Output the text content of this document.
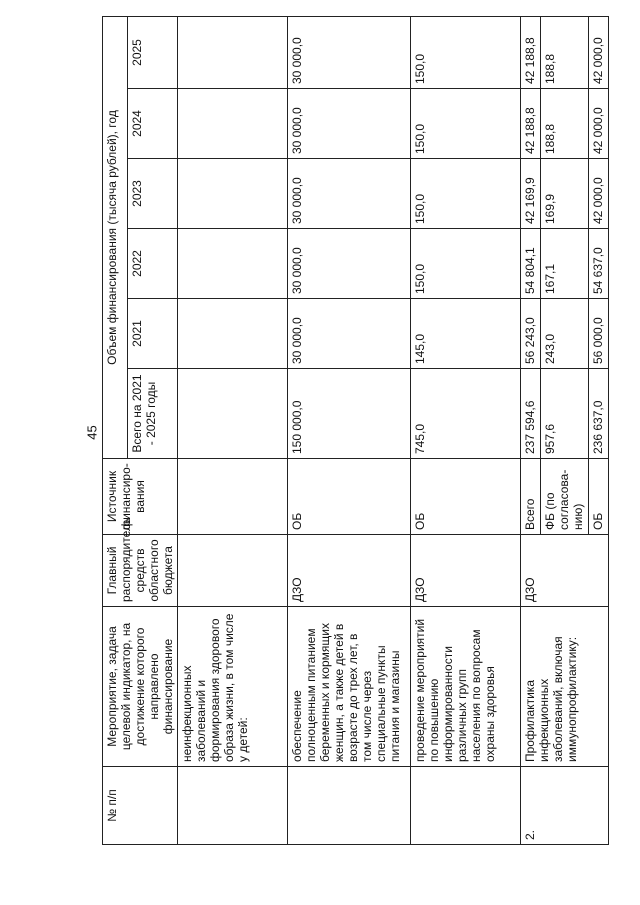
45
№ п/п	Мероприятие, задача целевой индикатор, на достижение которого направлено финансирование	Главный распорядитель средств областного бюджета	Источник финансиро-вания	Объем финансирования (тысяча рублей), год					
				Всего на 2021 - 2025 годы	2021	2022	2023	2024	2025
	неинфекционных заболеваний и формирования здорового образа жизни, в том числе у детей:								
	обеспечение полноценным питанием беременных и кормящих женщин, а также детей в возрасте до трех лет, в том числе через специальные пункты питания и магазины	ДЗО	ОБ	150 000,0	30 000,0	30 000,0	30 000,0	30 000,0	30 000,0
	проведение мероприятий по повышению информированности различных групп населения по вопросам охраны здоровья	ДЗО	ОБ	745,0	145,0	150,0	150,0	150,0	150,0
2.	Профилактика инфекционных заболеваний, включая иммунопрофилактику:	ДЗО	Всего	237 594,6	56 243,0	54 804,1	42 169,9	42 188,8	42 188,8
			ФБ (по согласова-нию)	957,6	243,0	167,1	169,9	188,8	188,8
			ОБ	236 637,0	56 000,0	54 637,0	42 000,0	42 000,0	42 000,0
